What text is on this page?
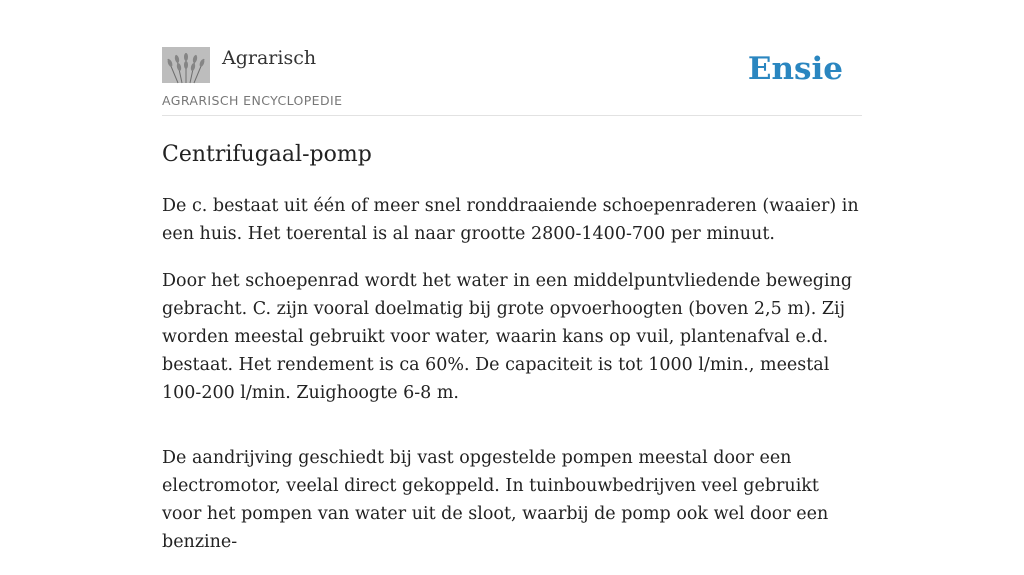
Agrarisch
AGRARISCH ENCYCLOPEDIE
Ensie
Centrifugaal-pomp

De c. bestaat uit één of meer snel ronddraaiende schoepenraderen (waaier) in een huis. Het toerental is al naar grootte 2800-1400-700 per minuut.

Door het schoepenrad wordt het water in een middelpuntvliedende beweging gebracht. C. zijn vooral doelmatig bij grote opvoerhoogten (boven 2,5 m). Zij worden meestal gebruikt voor water, waarin kans op vuil, plantenafval e.d. bestaat. Het rendement is ca 60%. De capaciteit is tot 1000 l/min., meestal 100-200 l/min. Zuighoogte 6-8 m.

De aandrijving geschiedt bij vast opgestelde pompen meestal door een electromotor, veelal direct gekoppeld. In tuinbouwbedrijven veel gebruikt voor het pompen van water uit de sloot, waarbij de pomp ook wel door een benzine-
